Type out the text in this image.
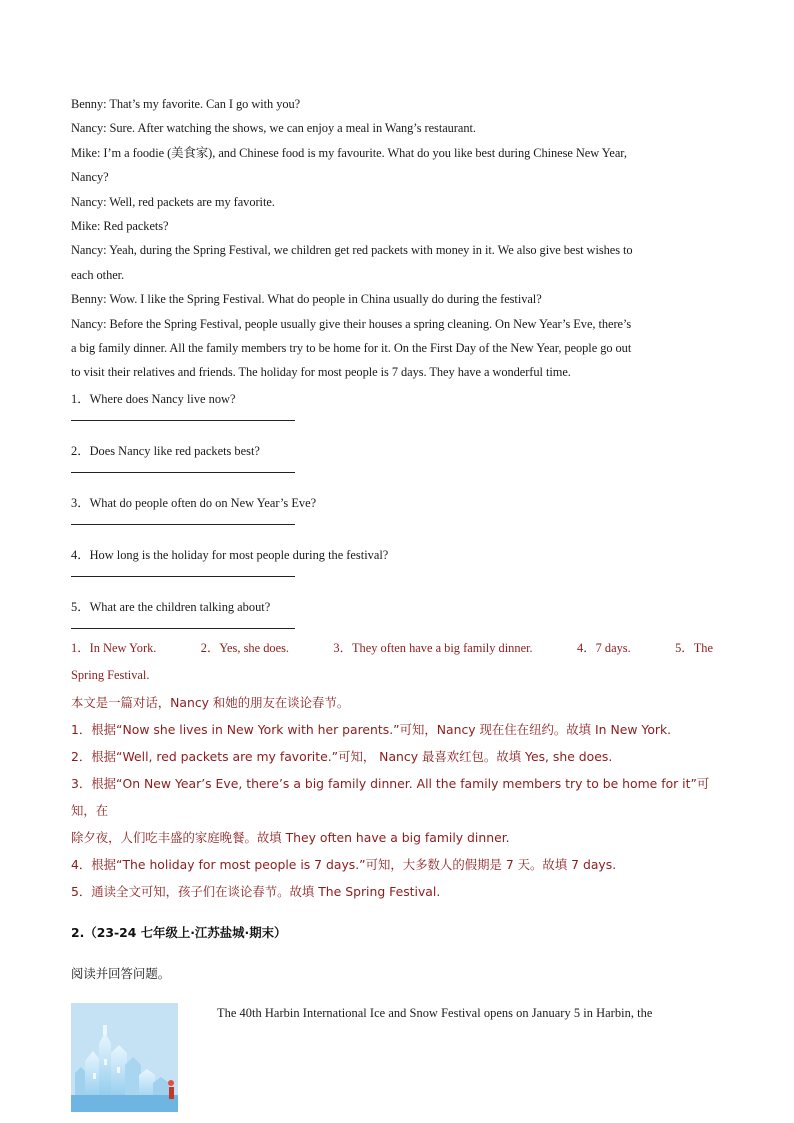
Benny: That’s my favorite. Can I go with you?

Nancy: Sure. After watching the shows, we can enjoy a meal in Wang’s restaurant.

Mike: I’m a foodie (美食家), and Chinese food is my favourite. What do you like best during Chinese New Year,

Nancy?

Nancy: Well, red packets are my favorite.

Mike: Red packets?

Nancy: Yeah, during the Spring Festival, we children get red packets with money in it. We also give best wishes to

each other.

Benny: Wow. I like the Spring Festival. What do people in China usually do during the festival?

Nancy: Before the Spring Festival, people usually give their houses a spring cleaning. On New Year’s Eve, there’s

a big family dinner. All the family members try to be home for it. On the First Day of the New Year, people go out

to visit their relatives and friends. The holiday for most people is 7 days. They have a wonderful time.

1．Where does Nancy live now?

2．Does Nancy like red packets best?

3．What do people often do on New Year’s Eve?

4．How long is the holiday for most people during the festival?

5．What are the children talking about?

1．In New York.	2．Yes, she does.	3．They often have a big family dinner.	4．7 days.	5．The
Spring Festival.

本文是一篇对话，Nancy 和她的朋友在谈论春节。

1．根据“Now she lives in New York with her parents.”可知，Nancy 现在住在纽约。故填 In New York.

2．根据“Well, red packets are my favorite.”可知， Nancy 最喜欢红包。故填 Yes, she does.

3．根据“On New Year’s Eve, there’s a big family dinner. All the family members try to be home for it”可知，在

除夕夜，人们吃丰盛的家庭晚餐。故填 They often have a big family dinner.

4．根据“The holiday for most people is 7 days.”可知，大多数人的假期是 7 天。故填 7 days.

5．通读全文可知，孩子们在谈论春节。故填 The Spring Festival.

2.（23-24 七年级上·江苏盐城·期末）
阅读并回答问题。
The 40th Harbin International Ice and Snow Festival opens on January 5 in Harbin, the
